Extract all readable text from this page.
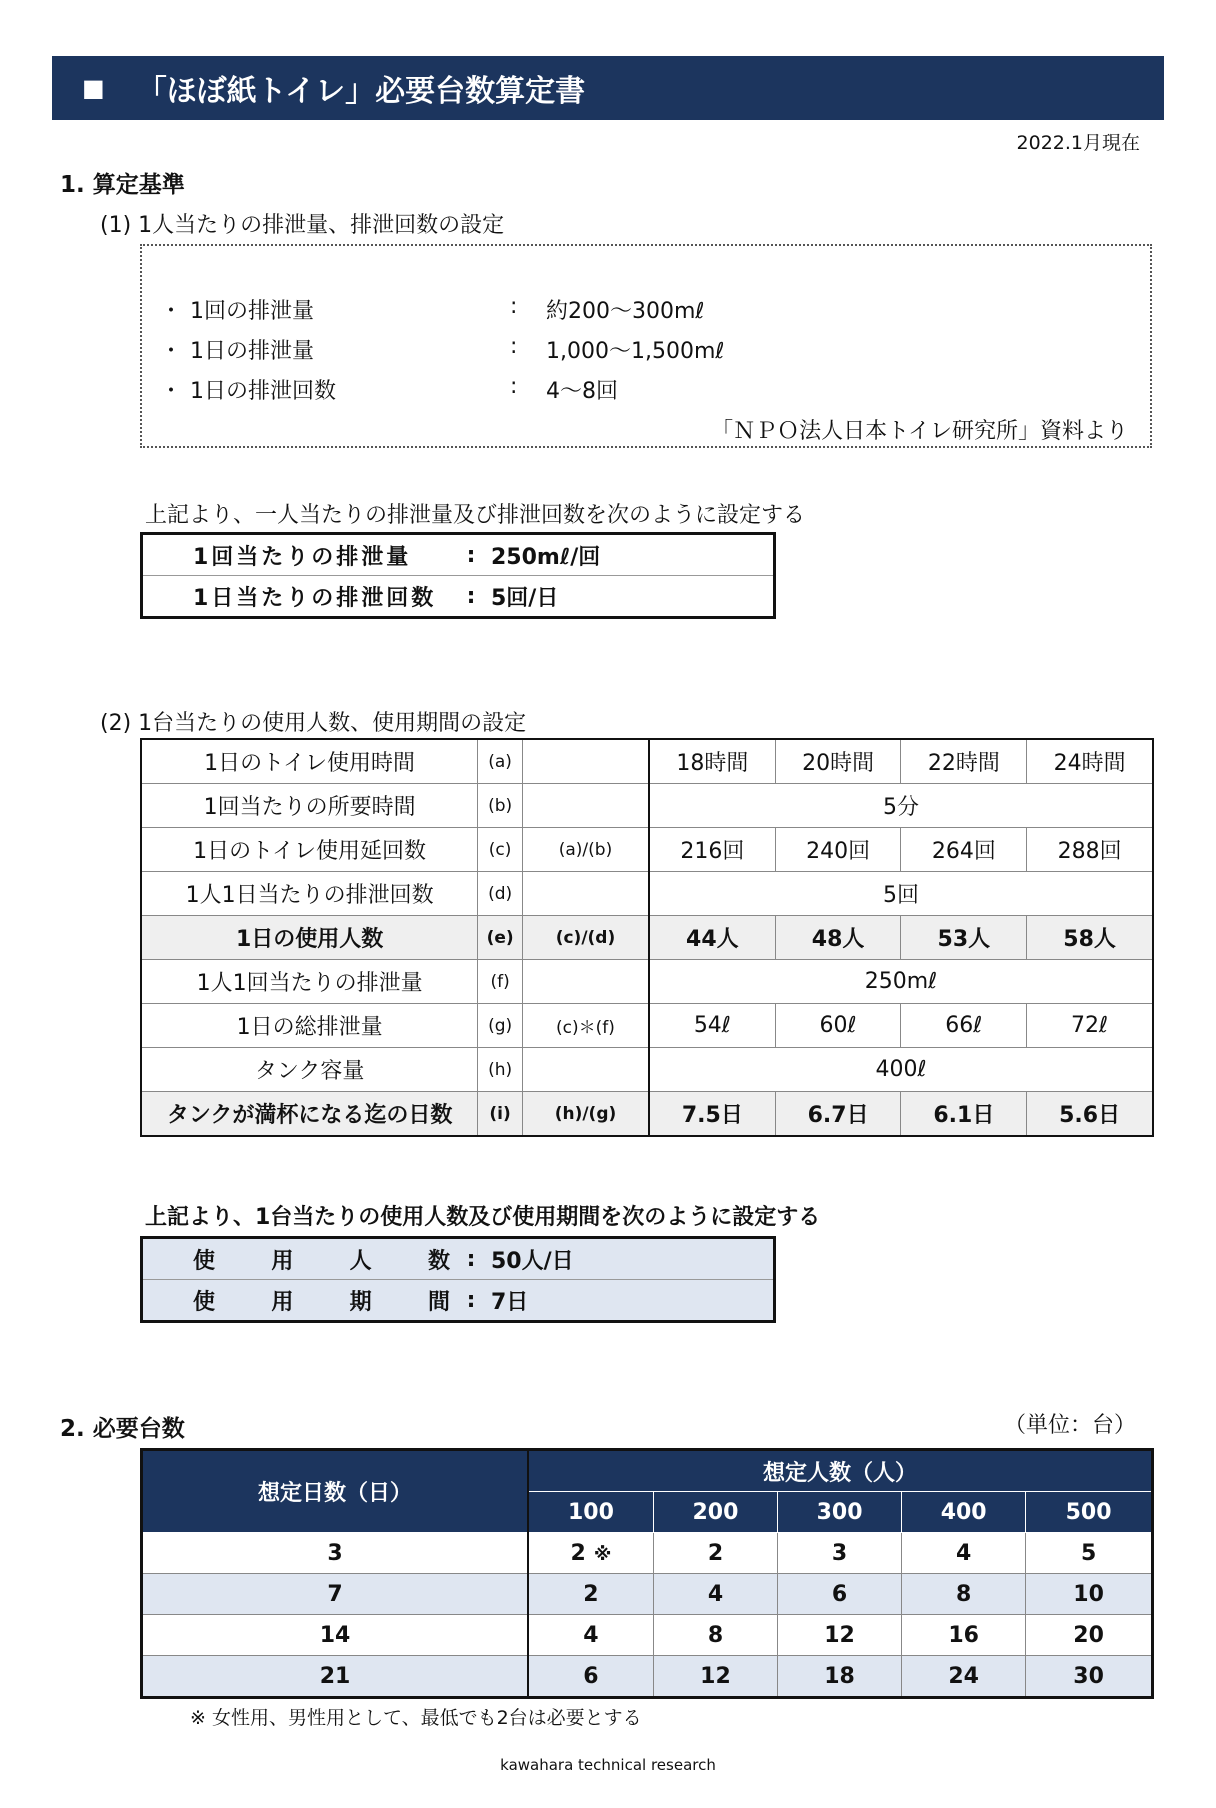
■ 「ほぼ紙トイレ」必要台数算定書
2022.1月現在
1. 算定基準
(1) 1人当たりの排泄量、排泄回数の設定
・ 1回の排泄量	:	約200～300mℓ
・ 1日の排泄量	:	1,000～1,500mℓ
・ 1日の排泄回数	:	4～8回
「ＮＰＯ法人日本トイレ研究所」資料より
上記より、一人当たりの排泄量及び排泄回数を次のように設定する
1回当たりの排泄量	: 250mℓ/回
1日当たりの排泄回数	: 5回/日
(2) 1台当たりの使用人数、使用期間の設定
1日のトイレ使用時間	(a)		18時間	20時間	22時間	24時間
1回当たりの所要時間	(b)		5分			
1日のトイレ使用延回数	(c)	(a)/(b)	216回	240回	264回	288回
1人1日当たりの排泄回数	(d)		5回			
1日の使用人数	(e)	(c)/(d)	44人	48人	53人	58人
1人1回当たりの排泄量	(f)		250mℓ			
1日の総排泄量	(g)	(c)＊(f)	54ℓ	60ℓ	66ℓ	72ℓ
タンク容量	(h)		400ℓ			
タンクが満杯になる迄の日数	(i)	(h)/(g)	7.5日	6.7日	6.1日	5.6日
上記より、1台当たりの使用人数及び使用期間を次のように設定する
使 用 人 数 : 50人/日
使 用 期 間 : 7日
2. 必要台数	（単位：台）
想定日数（日）	想定人数（人）				
	100	200	300	400	500
3	2 ※	2	3	4	5
7	2	4	6	8	10
14	4	8	12	16	20
21	6	12	18	24	30
※ 女性用、男性用として、最低でも2台は必要とする
kawahara technical research
